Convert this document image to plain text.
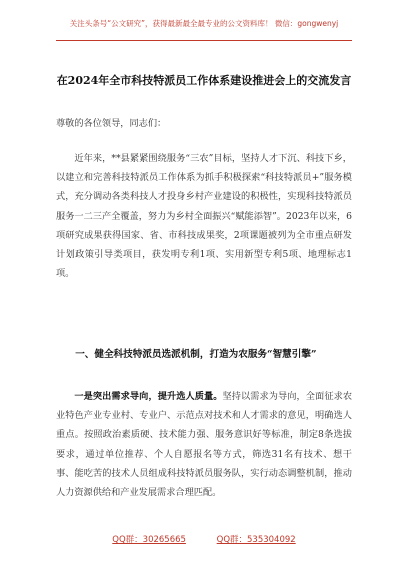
关注头条号“公文研究”，获得最新最全最专业的公文资料库！ 微信：gongwenyj
在2024年全市科技特派员工作体系建设推进会上的交流发言
尊敬的各位领导，同志们：
近年来，**县紧紧围绕服务“三农”目标，坚持人才下沉、科技下乡，以建立和完善科技特派员工作体系为抓手积极探索“科技特派员+”服务模式，充分调动各类科技人才投身乡村产业建设的积极性，实现科技特派员服务一二三产全覆盖，努力为乡村全面振兴“赋能添智”。2023年以来，6项研究成果获得国家、省、市科技成果奖，2项课题被列为全市重点研发计划政策引导类项目，获发明专利1项、实用新型专利5项、地理标志1项。
一、健全科技特派员选派机制，打造为农服务“智慧引擎”
一是突出需求导向，提升选人质量。坚持以需求为导向，全面征求农业特色产业专业村、专业户、示范点对技术和人才需求的意见，明确选人重点。按照政治素质硬、技术能力强、服务意识好等标准，制定8条选拔要求，通过单位推荐、个人自愿报名等方式，筛选31名有技术、想干事、能吃苦的技术人员组成科技特派员服务队，实行动态调整机制，推动人力资源供给和产业发展需求合理匹配。
QQ群：30265665	QQ群：535304092
